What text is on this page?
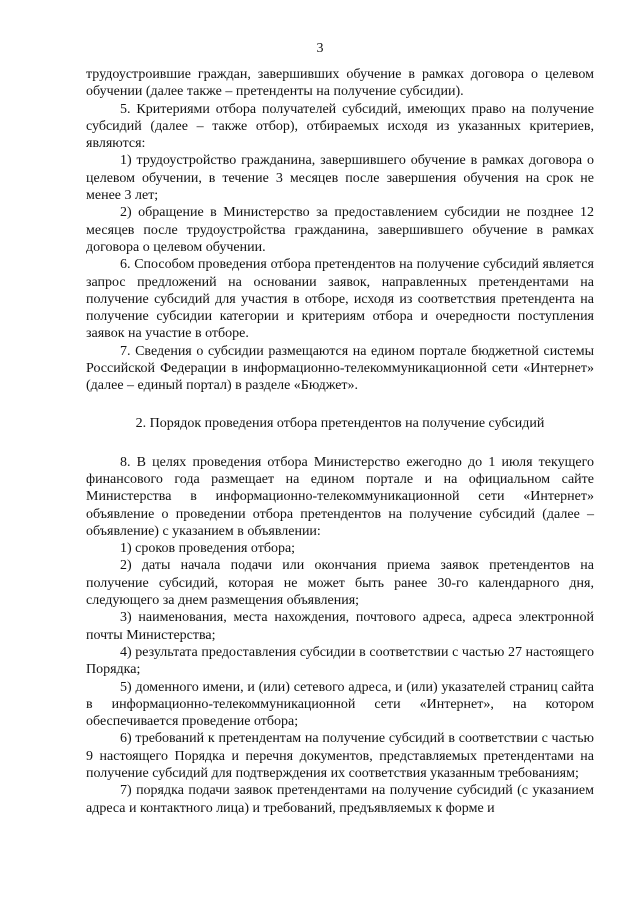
3

трудоустроившие граждан, завершивших обучение в рамках договора о целевом обучении (далее также – претенденты на получение субсидии).

5. Критериями отбора получателей субсидий, имеющих право на получение субсидий (далее – также отбор), отбираемых исходя из указанных критериев, являются:

1) трудоустройство гражданина, завершившего обучение в рамках договора о целевом обучении, в течение 3 месяцев после завершения обучения на срок не менее 3 лет;

2) обращение в Министерство за предоставлением субсидии не позднее 12 месяцев после трудоустройства гражданина, завершившего обучение в рамках договора о целевом обучении.

6. Способом проведения отбора претендентов на получение субсидий является запрос предложений на основании заявок, направленных претендентами на получение субсидий для участия в отборе, исходя из соответствия претендента на получение субсидии категории и критериям отбора и очередности поступления заявок на участие в отборе.

7. Сведения о субсидии размещаются на едином портале бюджетной системы Российской Федерации в информационно-телекоммуникационной сети «Интернет» (далее – единый портал) в разделе «Бюджет».

2. Порядок проведения отбора претендентов на получение субсидий

8. В целях проведения отбора Министерство ежегодно до 1 июля текущего финансового года размещает на едином портале и на официальном сайте Министерства в информационно-телекоммуникационной сети «Интернет» объявление о проведении отбора претендентов на получение субсидий (далее – объявление) с указанием в объявлении:

1) сроков проведения отбора;

2) даты начала подачи или окончания приема заявок претендентов на получение субсидий, которая не может быть ранее 30-го календарного дня, следующего за днем размещения объявления;

3) наименования, места нахождения, почтового адреса, адреса электронной почты Министерства;

4) результата предоставления субсидии в соответствии с частью 27 настоящего Порядка;

5) доменного имени, и (или) сетевого адреса, и (или) указателей страниц сайта в информационно-телекоммуникационной сети «Интернет», на котором обеспечивается проведение отбора;

6) требований к претендентам на получение субсидий в соответствии с частью 9 настоящего Порядка и перечня документов, представляемых претендентами на получение субсидий для подтверждения их соответствия указанным требованиям;

7) порядка подачи заявок претендентами на получение субсидий (с указанием адреса и контактного лица) и требований, предъявляемых к форме и
